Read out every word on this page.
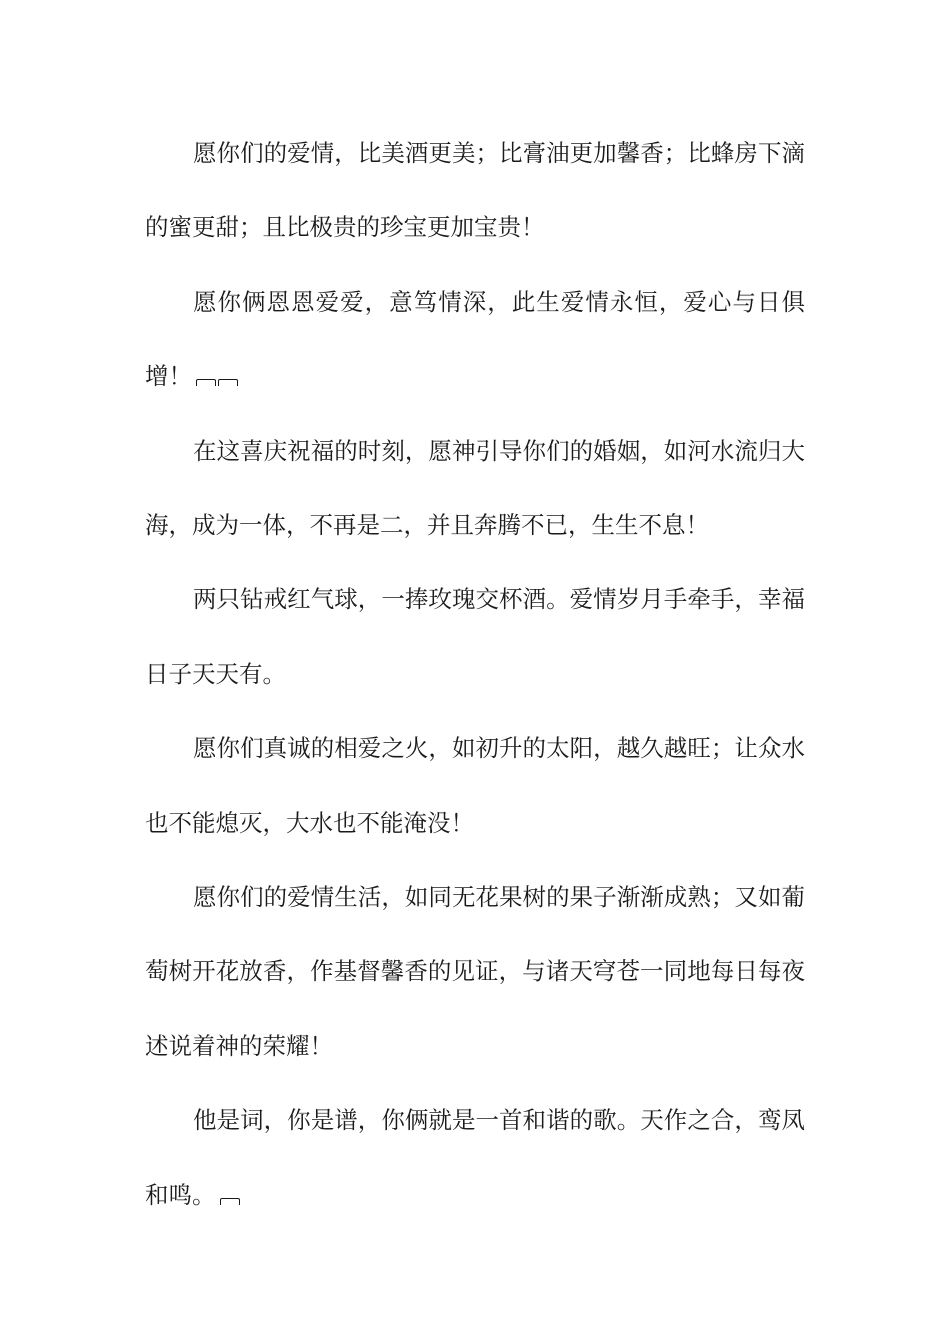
愿你们的爱情，比美酒更美；比膏油更加馨香；比蜂房下滴的蜜更甜；且比极贵的珍宝更加宝贵！

愿你俩恩恩爱爱，意笃情深，此生爱情永恒，爱心与日俱增！

在这喜庆祝福的时刻，愿神引导你们的婚姻，如河水流归大海，成为一体，不再是二，并且奔腾不已，生生不息！

两只钻戒红气球，一捧玫瑰交杯酒。爱情岁月手牵手，幸福日子天天有。

愿你们真诚的相爱之火，如初升的太阳，越久越旺；让众水也不能熄灭，大水也不能淹没！

愿你们的爱情生活，如同无花果树的果子渐渐成熟；又如葡萄树开花放香，作基督馨香的见证，与诸天穹苍一同地每日每夜述说着神的荣耀！

他是词，你是谱，你俩就是一首和谐的歌。天作之合，鸾凤和鸣。
